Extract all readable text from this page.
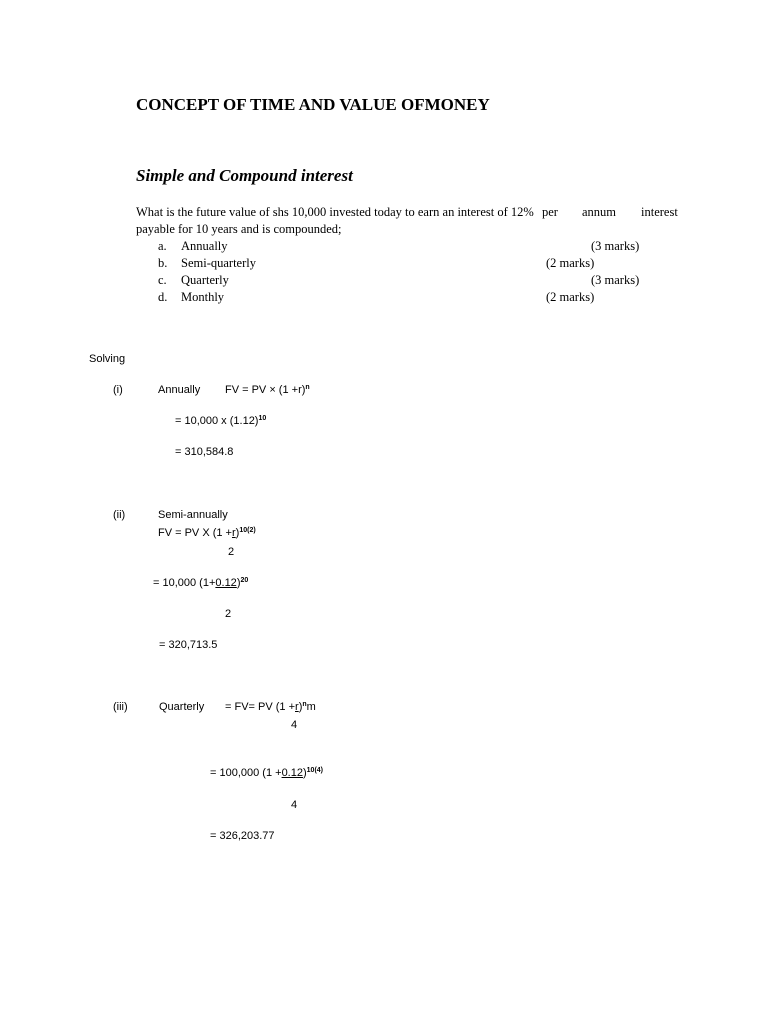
CONCEPT OF TIME AND VALUE OFMONEY
Simple and Compound interest
What is the future value of shs 10,000 invested today to earn an interest of 12% per annum interest
payable for 10 years and is compounded;
a. Annually	(3 marks)
b. Semi-quarterly	(2 marks)
c. Quarterly	(3 marks)
d. Monthly	(2 marks)
Solving
(i)	Annually FV = PV × $(1 +r)^n$
= 10,000 x $(1.12)^{10}$
= 310,584.8
(ii)	Semi-annually
FV = PV X $(1 +r)^{10(2)}$
2
= 10,000 $(1+0.12)^{20}$
2
= 320,713.5
(iii)	Quarterly = FV= PV $(1 +r)^nm$
4
= 100,000 $(1 +0.12)^{10(4)}$
4
= 326,203.77
